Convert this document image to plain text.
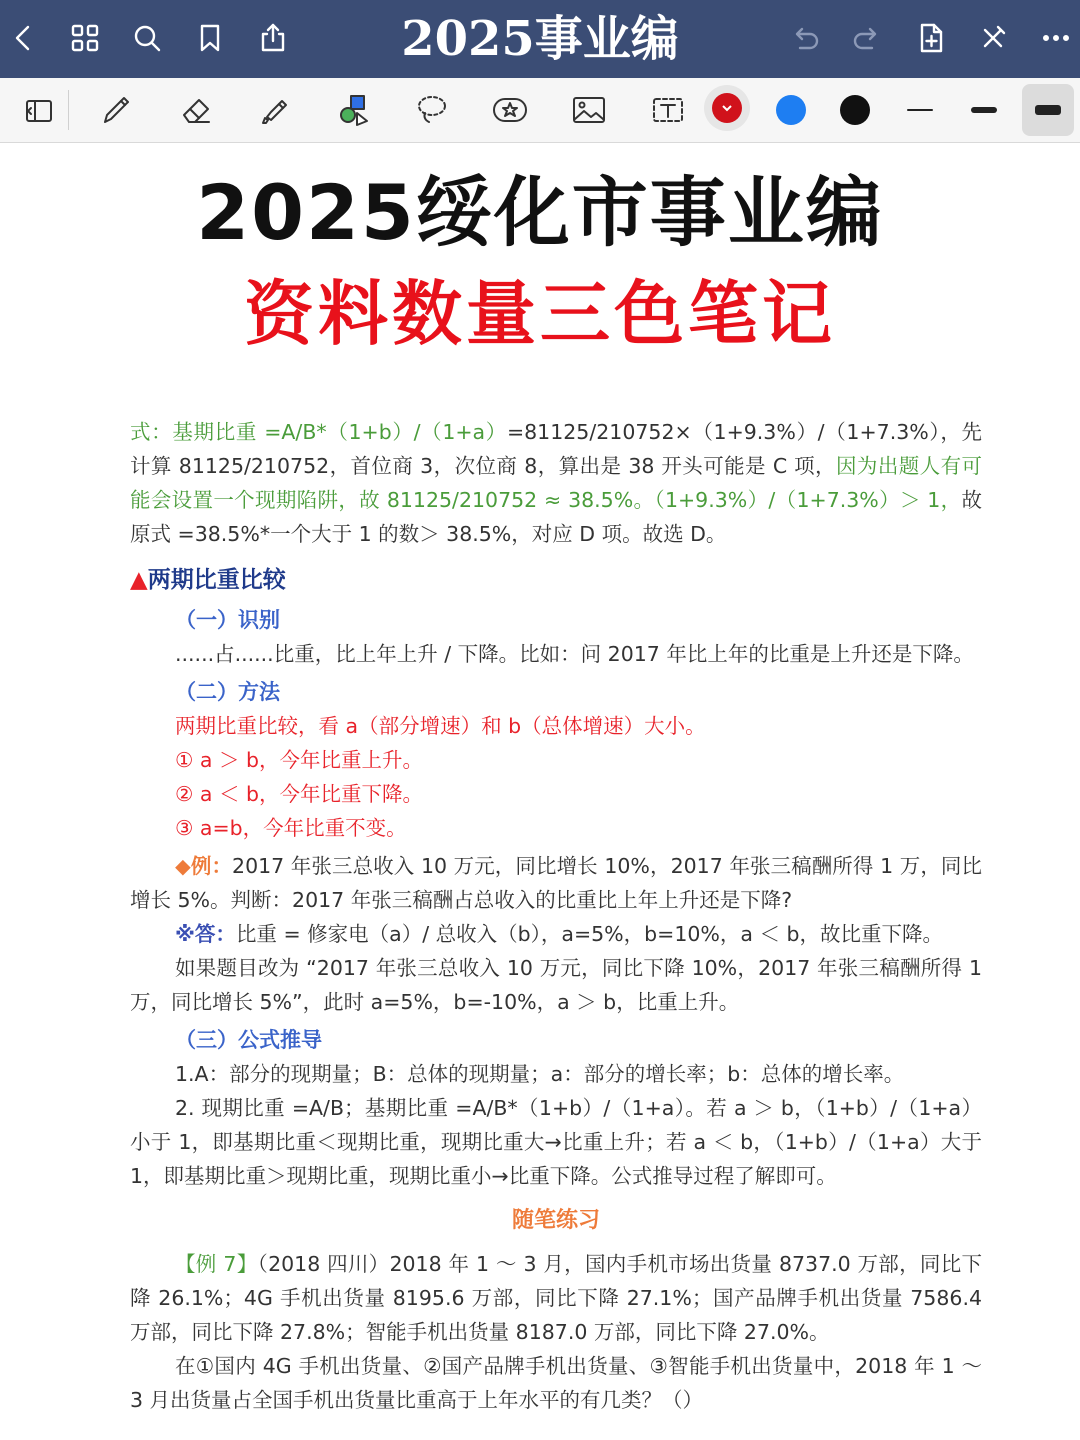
2025事业编
2025绥化市事业编
资料数量三色笔记

式：基期比重 =A/B*（1+b）/（1+a）=81125/210752×（1+9.3%）/（1+7.3%），先计算 81125/210752，首位商 3，次位商 8，算出是 38 开头可能是 C 项，因为出题人有可能会设置一个现期陷阱，故 81125/210752 ≈ 38.5%。（1+9.3%）/（1+7.3%）＞ 1，故原式 =38.5%*一个大于 1 的数＞ 38.5%，对应 D 项。故选 D。

▲两期比重比较
（一）识别

......占......比重，比上年上升 / 下降。比如：问 2017 年比上年的比重是上升还是下降。

（二）方法

两期比重比较，看 a（部分增速）和 b（总体增速）大小。

① a ＞ b，今年比重上升。

② a ＜ b，今年比重下降。

③ a=b，今年比重不变。

◆例：2017 年张三总收入 10 万元，同比增长 10%，2017 年张三稿酬所得 1 万，同比增长 5%。判断：2017 年张三稿酬占总收入的比重比上年上升还是下降?

※答：比重 = 修家电（a）/ 总收入（b），a=5%，b=10%，a ＜ b，故比重下降。

如果题目改为 “2017 年张三总收入 10 万元，同比下降 10%，2017 年张三稿酬所得 1 万，同比增长 5%”，此时 a=5%，b=-10%，a ＞ b，比重上升。

（三）公式推导

1.A：部分的现期量；B：总体的现期量；a：部分的增长率；b：总体的增长率。

2. 现期比重 =A/B；基期比重 =A/B*（1+b）/（1+a）。若 a ＞ b，（1+b）/（1+a）小于 1，即基期比重＜现期比重，现期比重大→比重上升；若 a ＜ b，（1+b）/（1+a）大于 1，即基期比重＞现期比重，现期比重小→比重下降。公式推导过程了解即可。

随笔练习

【例 7】（2018 四川）2018 年 1 ～ 3 月，国内手机市场出货量 8737.0 万部，同比下降 26.1%；4G 手机出货量 8195.6 万部，同比下降 27.1%；国产品牌手机出货量 7586.4 万部，同比下降 27.8%；智能手机出货量 8187.0 万部，同比下降 27.0%。

在①国内 4G 手机出货量、②国产品牌手机出货量、③智能手机出货量中，2018 年 1 ～ 3 月出货量占全国手机出货量比重高于上年水平的有几类？（）
